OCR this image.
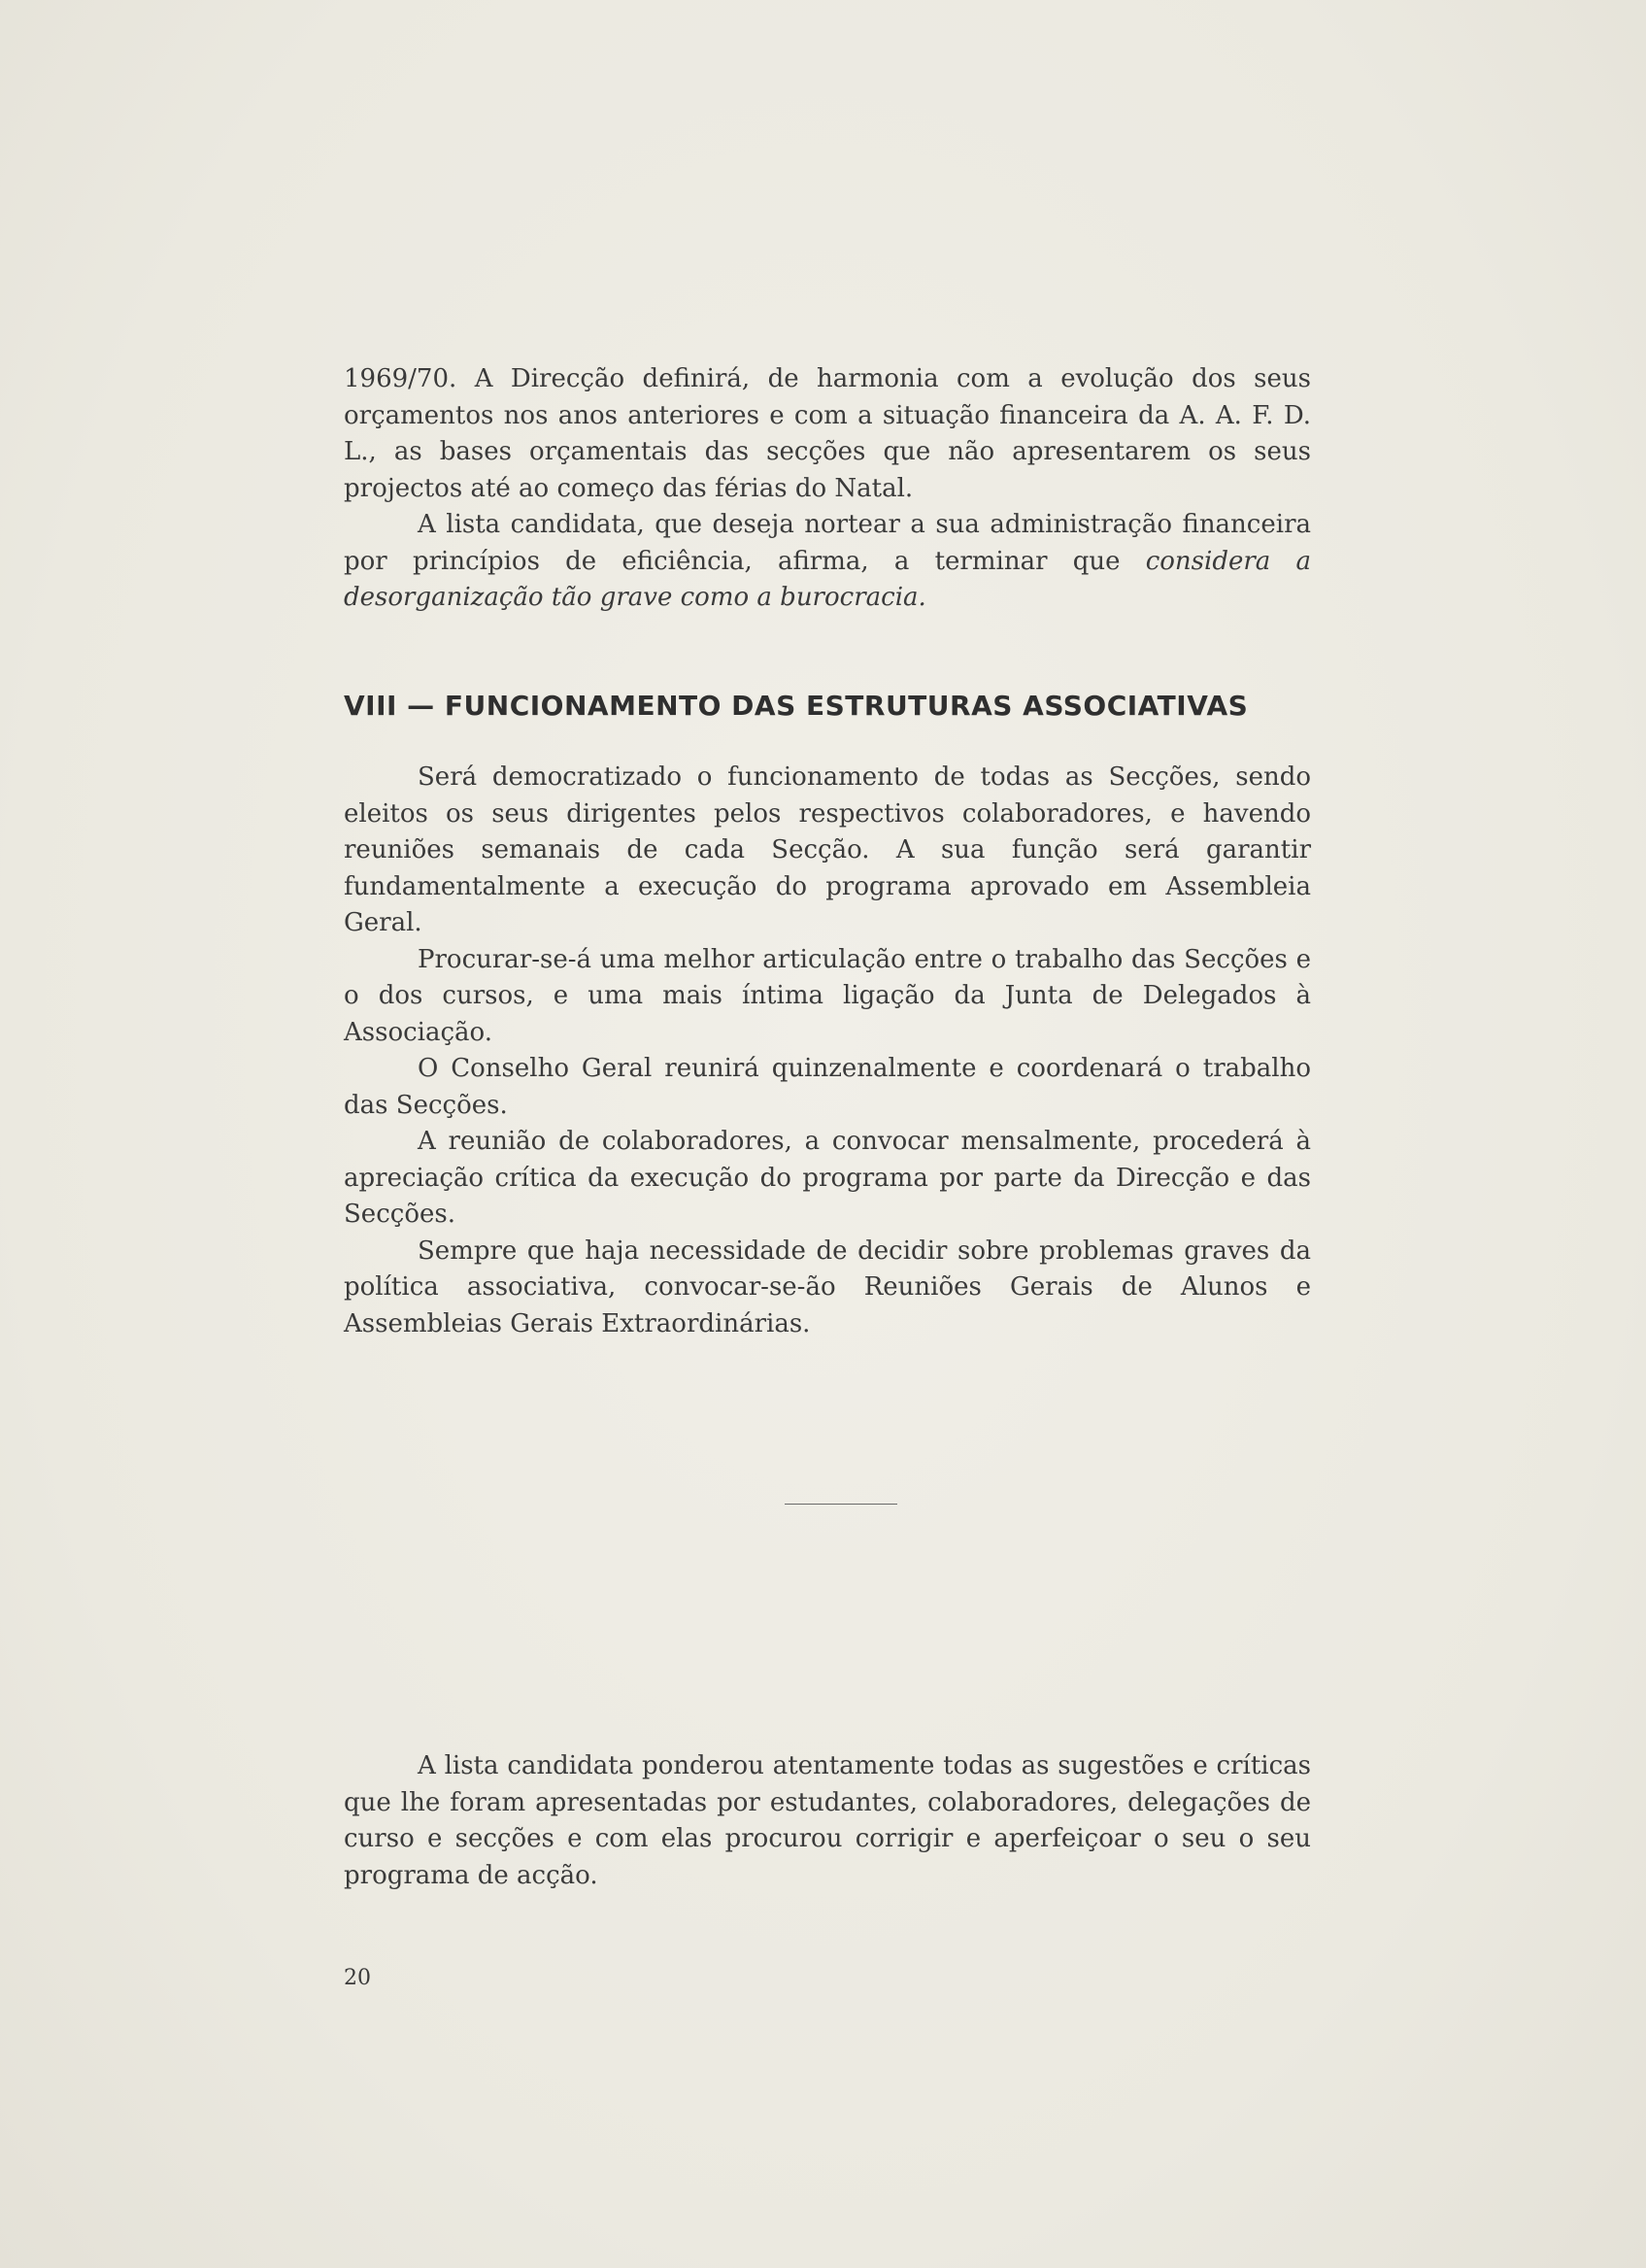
1969/70. A Direcção definirá, de harmonia com a evolução dos seus orçamentos nos anos anteriores e com a situação financeira da A. A. F. D. L., as bases orçamentais das secções que não apresentarem os seus projectos até ao começo das férias do Natal.

A lista candidata, que deseja nortear a sua administração financeira por princípios de eficiência, afirma, a terminar que considera a desorganização tão grave como a burocracia.

VIII — FUNCIONAMENTO DAS ESTRUTURAS ASSOCIATIVAS

Será democratizado o funcionamento de todas as Secções, sendo eleitos os seus dirigentes pelos respectivos colaboradores, e havendo reuniões semanais de cada Secção. A sua função será garantir fundamentalmente a execução do programa aprovado em Assembleia Geral.

Procurar-se-á uma melhor articulação entre o trabalho das Secções e o dos cursos, e uma mais íntima ligação da Junta de Delegados à Associação.

O Conselho Geral reunirá quinzenalmente e coordenará o trabalho das Secções.

A reunião de colaboradores, a convocar mensalmente, procederá à apreciação crítica da execução do programa por parte da Direcção e das Secções.

Sempre que haja necessidade de decidir sobre problemas graves da política associativa, convocar-se-ão Reuniões Gerais de Alunos e Assembleias Gerais Extraordinárias.

A lista candidata ponderou atentamente todas as sugestões e críticas que lhe foram apresentadas por estudantes, colaboradores, delegações de curso e secções e com elas procurou corrigir e aperfeiçoar o seu o seu programa de acção.

20
